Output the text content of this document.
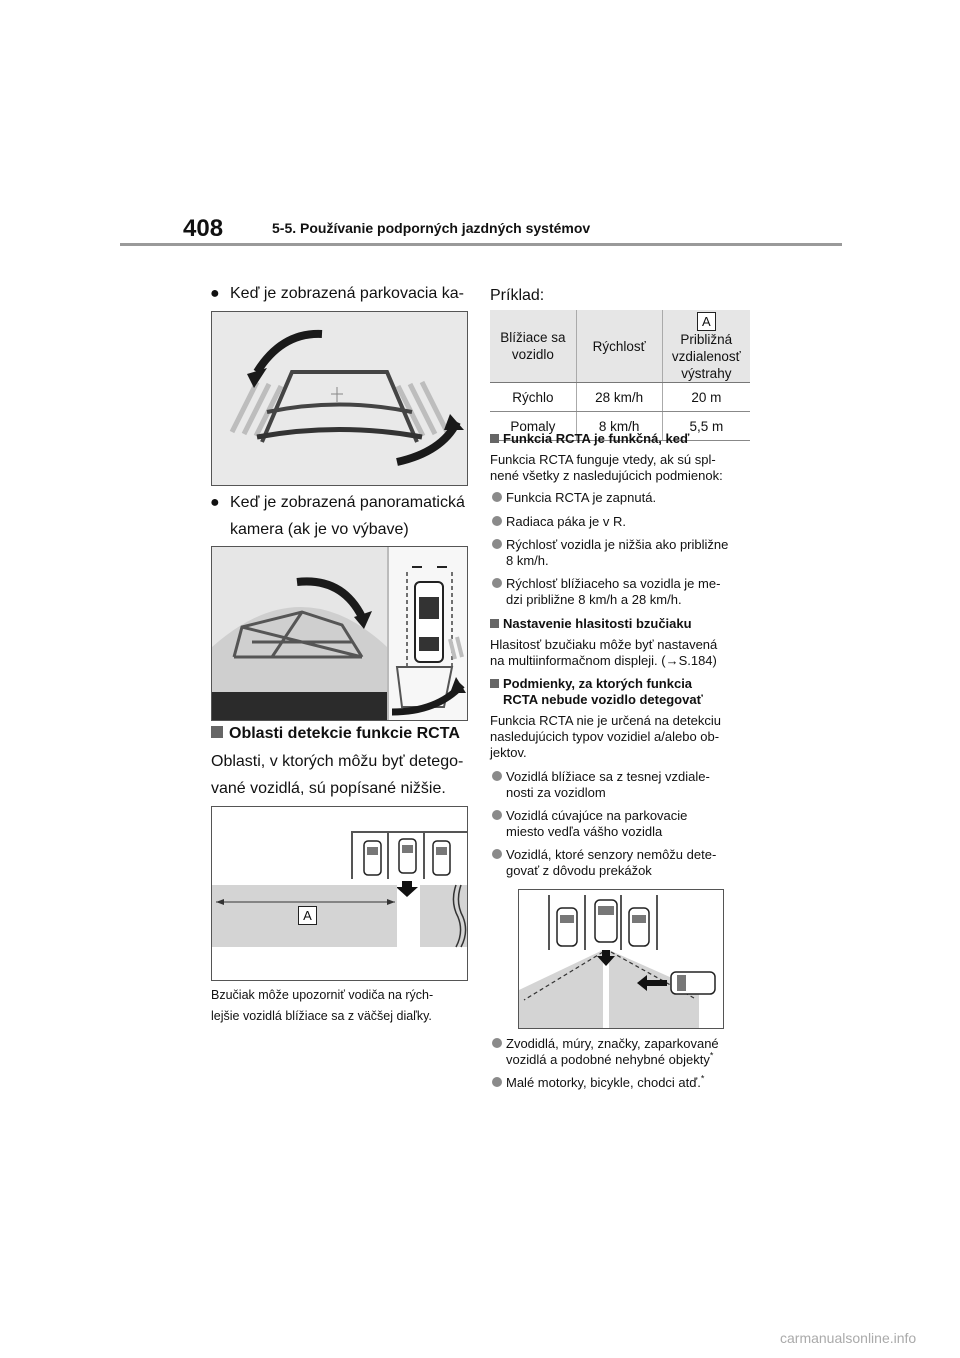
408	5-5. Používanie podporných jazdných systémov
● Keď je zobrazená parkovacia ka-
● Keď je zobrazená panoramatická
kamera (ak je vo výbave)
Oblasti detekcie funkcie RCTA
Oblasti, v ktorých môžu byť detego-
vané vozidlá, sú popísané nižšie.
A
Bzučiak môže upozorniť vodiča na rých-
lejšie vozidlá blížiace sa z väčšej diaľky.
Príklad:
Blížiace sa vozidlo	Rýchlosť	A
Približná vzdialenosť výstrahy
Rýchlo	28 km/h	20 m
Pomaly	8 km/h	5,5 m
Funkcia RCTA je funkčná, keď
Funkcia RCTA funguje vtedy, ak sú spl-
nené všetky z nasledujúcich podmienok:
Funkcia RCTA je zapnutá.
Radiaca páka je v R.
Rýchlosť vozidla je nižšia ako približne
8 km/h.
Rýchlosť blížiaceho sa vozidla je me-
dzi približne 8 km/h a 28 km/h.
Nastavenie hlasitosti bzučiaku
Hlasitosť bzučiaku môže byť nastavená
na multiinformačnom displeji. (→S.184)
Podmienky, za ktorých funkcia
RCTA nebude vozidlo detegovať
Funkcia RCTA nie je určená na detekciu
nasledujúcich typov vozidiel a/alebo ob-
jektov.
Vozidlá blížiace sa z tesnej vzdiale-
nosti za vozidlom
Vozidlá cúvajúce na parkovacie
miesto vedľa vášho vozidla
Vozidlá, ktoré senzory nemôžu dete-
govať z dôvodu prekážok
Zvodidlá, múry, značky, zaparkované
vozidlá a podobné nehybné objekty*
Malé motorky, bicykle, chodci atď.*
carmanualsonline.info
